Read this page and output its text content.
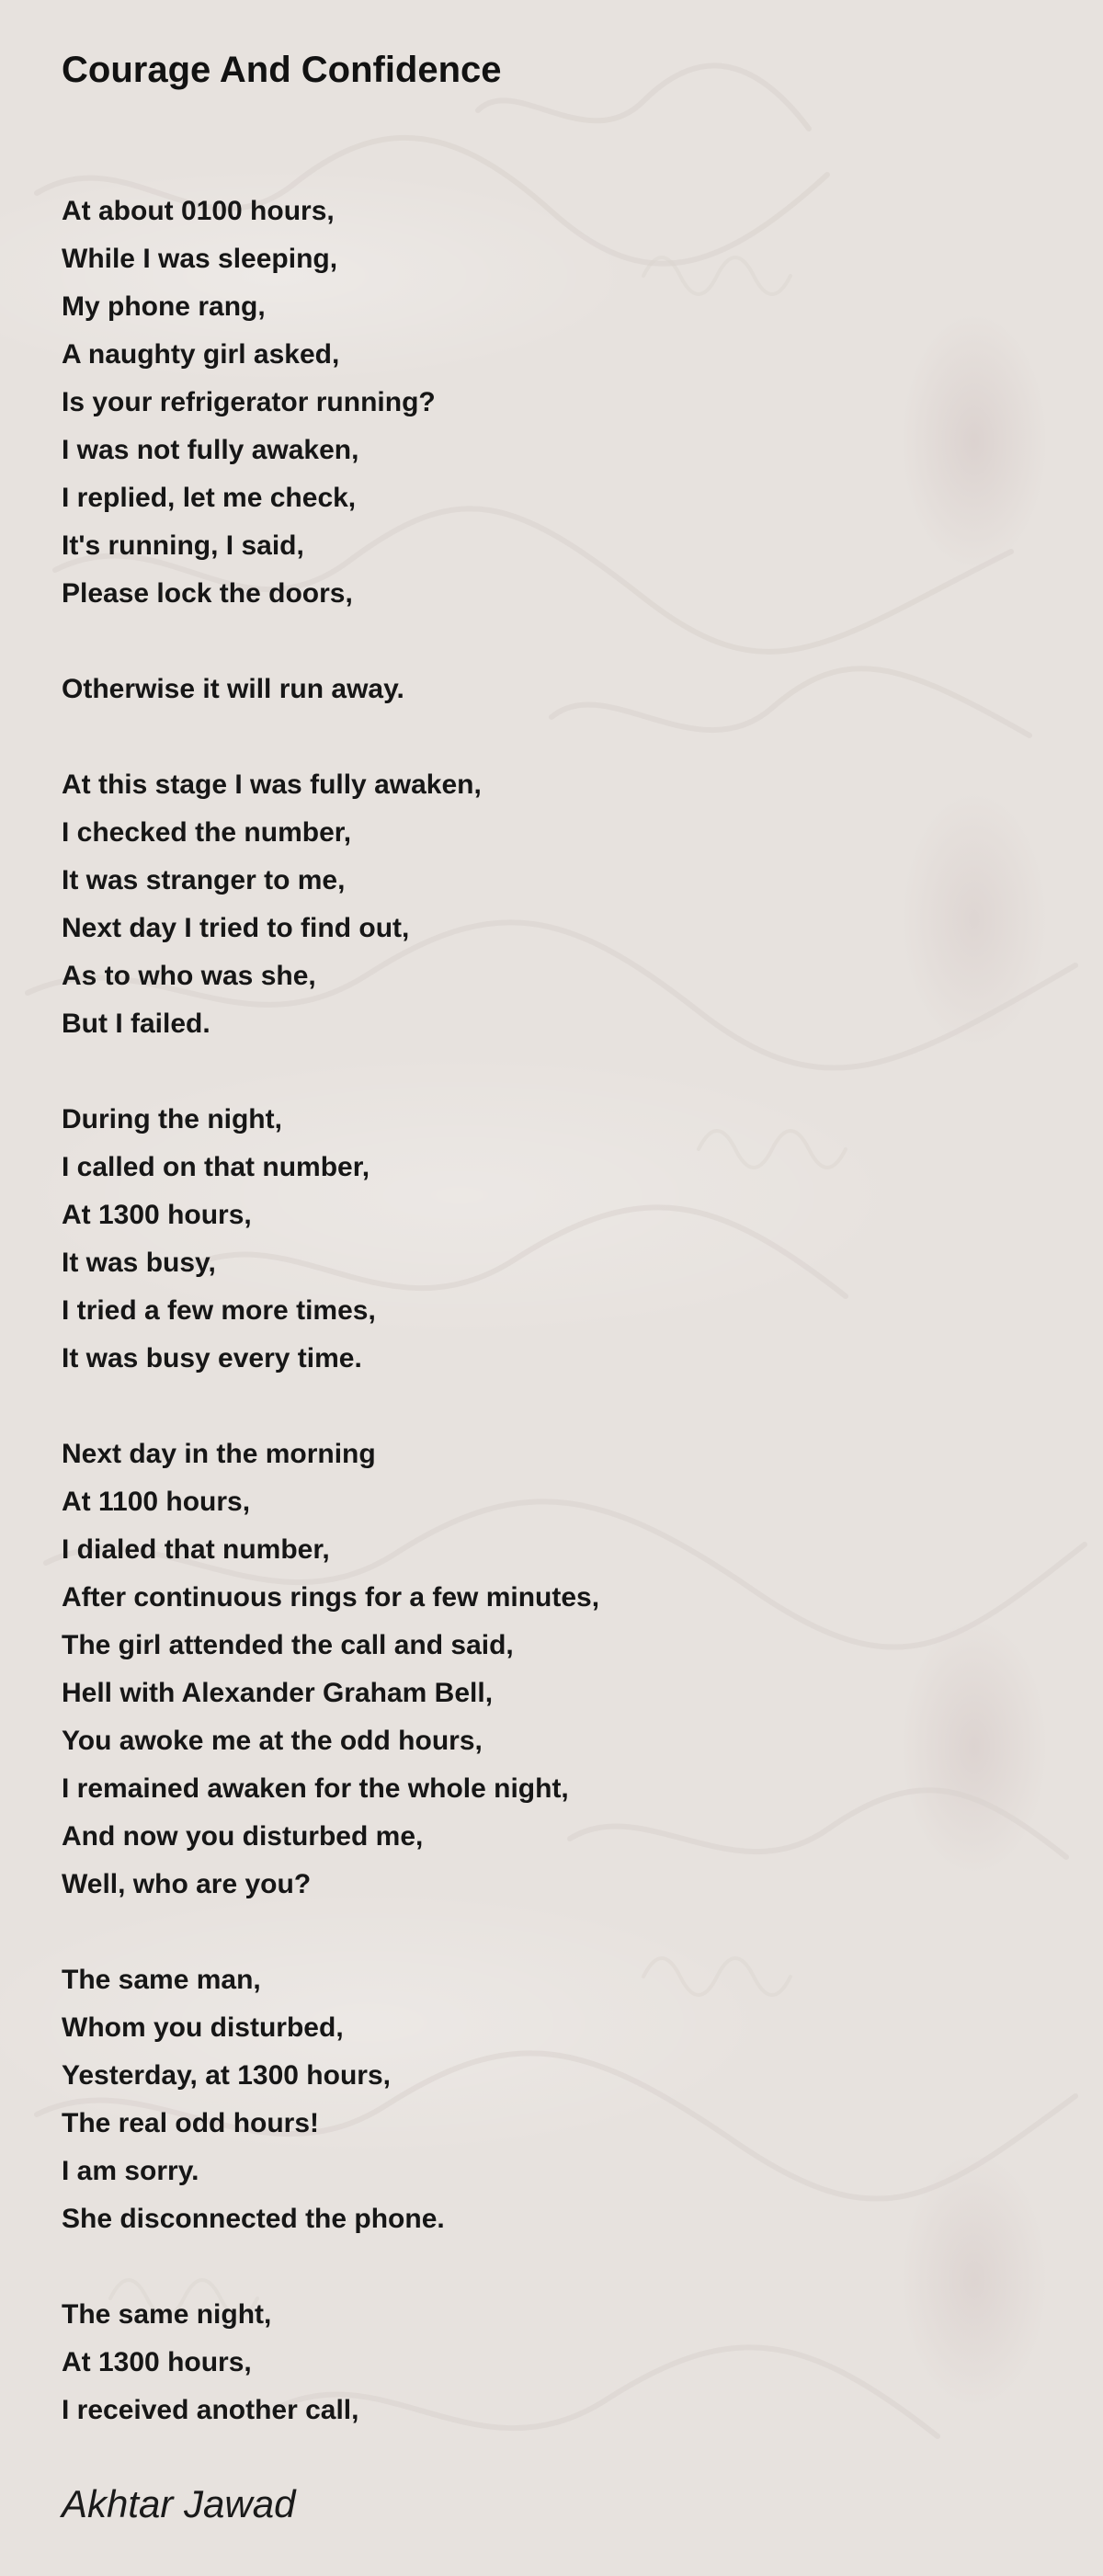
Courage And Confidence
At about 0100 hours,
While I was sleeping,
My phone rang,
A naughty girl asked,
Is your refrigerator running?
I was not fully awaken,
I replied, let me check,
It's running, I said,
Please lock the doors,
Otherwise it will run away.
At this stage I was fully awaken,
I checked the number,
It was stranger to me,
Next day I tried to find out,
As to who was she,
But I failed.
During the night,
I called on that number,
At 1300 hours,
It was busy,
I tried a few more times,
It was busy every time.
Next day in the morning
At 1100 hours,
I dialed that number,
After continuous rings for a few minutes,
The girl attended the call and said,
Hell with Alexander Graham Bell,
You awoke me at the odd hours,
I remained awaken for the whole night,
And now you disturbed me,
Well, who are you?
The same man,
Whom you disturbed,
Yesterday, at 1300 hours,
The real odd hours!
I am sorry.
She disconnected the phone.
The same night,
At 1300 hours,
I received another call,
Akhtar Jawad
